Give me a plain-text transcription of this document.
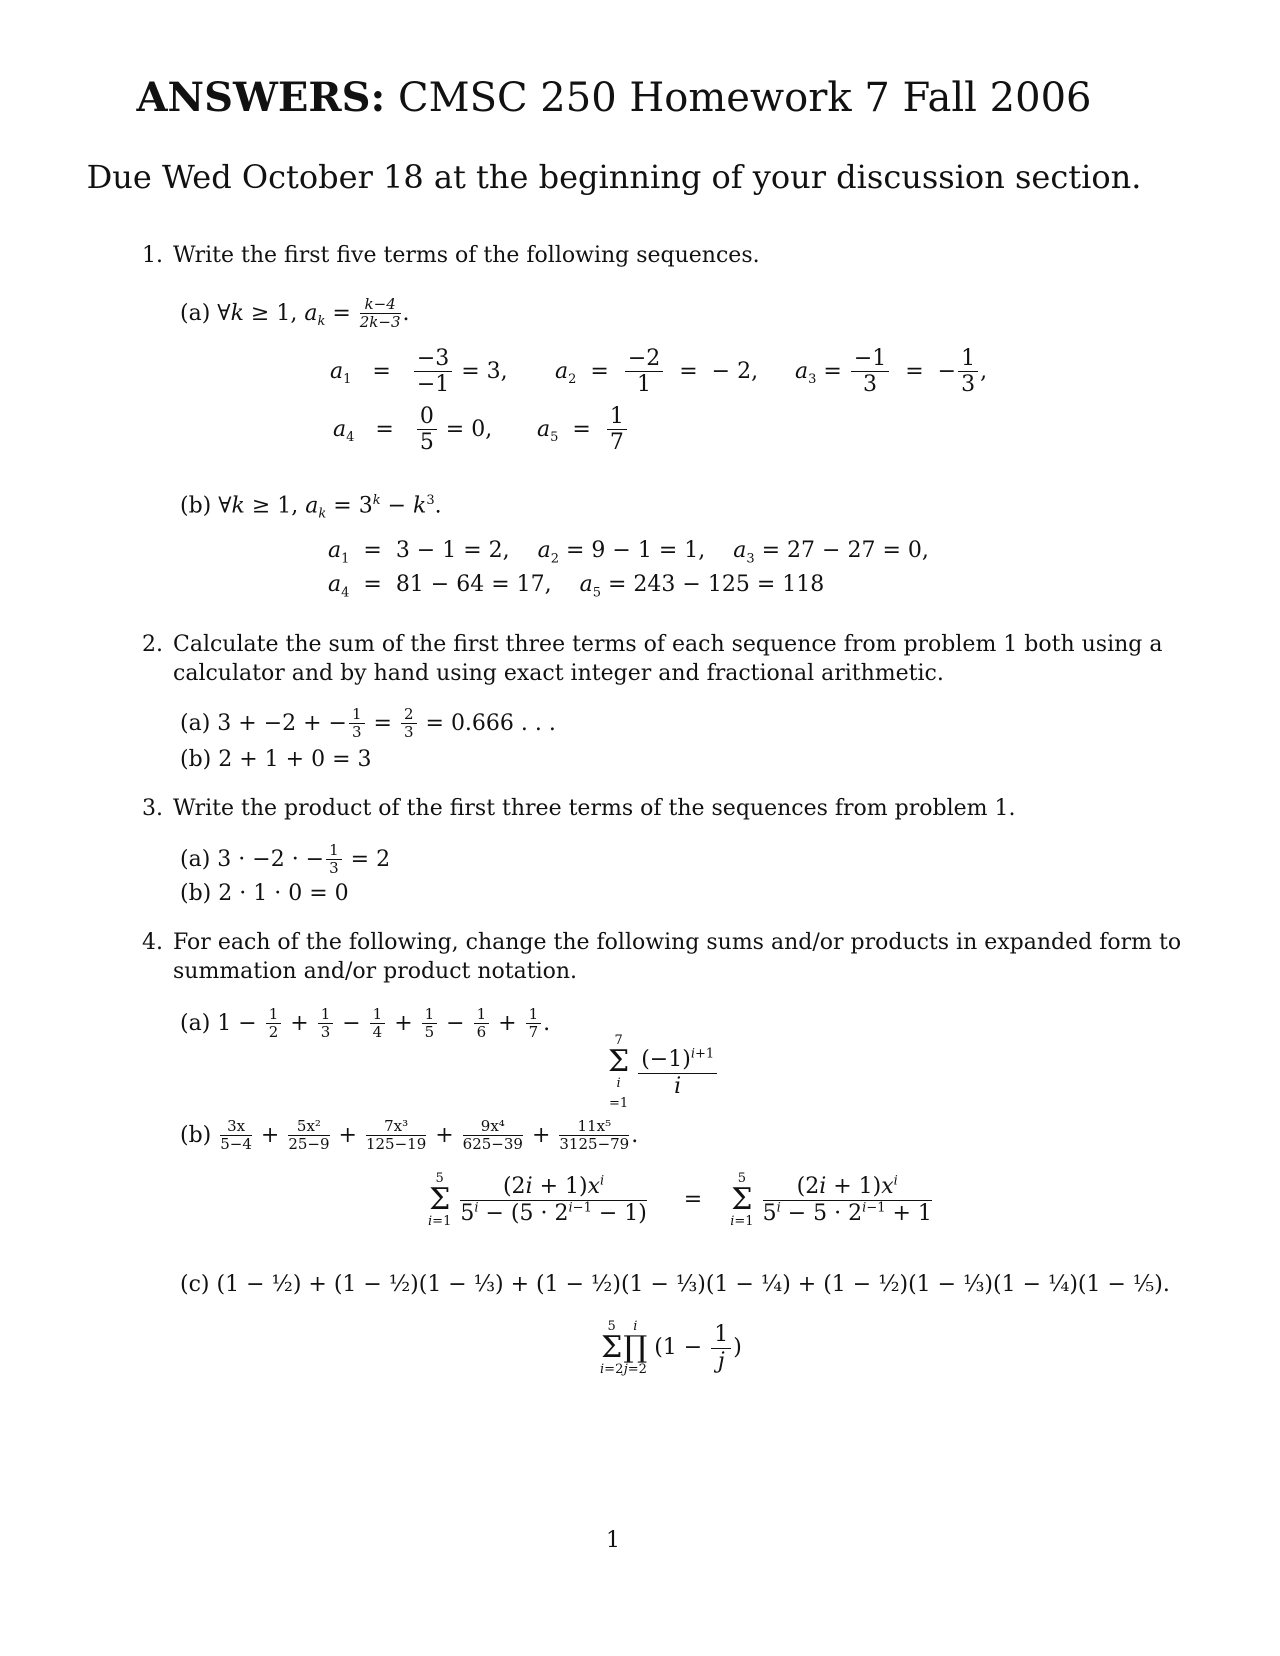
ANSWERS: CMSC 250 Homework 7 Fall 2006
Due Wed October 18 at the beginning of your discussion section.
1. Write the first five terms of the following sequences.
(a) ∀k ≥ 1, $a_k = \frac{k-4}{2k-3}$ .
$a_1 = \frac{-3}{-1} = 3$, $a_2 = \frac{-2}{1}$ =  − 2, $a_3 = \frac{-1}{3}$ =  − $\frac{1}{3}$ ,
$a_4 = \frac{0}{5} = 0$, $a_5 = \frac{1}{7}$
(b) ∀k ≥ 1, $a_k = 3^k - k^3$.
$a_1 = 3 - 1 = 2$,    $a_2 = 9 - 1 = 1$,    $a_3 = 27 - 27 = 0$,
$a_4 = 81 - 64 = 17$,    $a_5 = 243 - 125 = 118$
2. Calculate the sum of the first three terms of each sequence from problem 1 both using a
calculator and by hand using exact integer and fractional arithmetic.
(a) 3 + −2 + − $\frac{1}{3} = \frac{2}{3} = 0.666$ . . .
(b) 2 + 1 + 0 = 3
3. Write the product of the first three terms of the sequences from problem 1.
(a) 3 · −2 · − $\frac{1}{3} = 2$
(b) 2 · 1 · 0 = 0
4. For each of the following, change the following sums and/or products in expanded form to
summation and/or product notation.
(a) $1 - \frac{1}{2} + \frac{1}{3} - \frac{1}{4} + \frac{1}{5} - \frac{1}{6} + \frac{1}{7}$ .
7
Σ
i
=1
$\frac{(-1)^{i+1}}{i}$
$(b) \frac{3x}{5-4} + \frac{\text{5x²}}{25-9} + \frac{\text{7x³}}{125-19} + \frac{\text{9x⁴}}{625-39} + \frac{\text{11x⁵}}{3125-79}$ .
5
Σ
i=1
$\frac{(2i + 1)x^i}{5^i - (5 \cdot 2^{i-1} - 1)}$ =
5
Σ
i=1
$\frac{(2i + 1)x^i}{5^i - 5 \cdot 2^{i-1} + 1}$
(c) (1 − ½) + (1 − ½)(1 − ⅓) + (1 − ½)(1 − ⅓)(1 − ¼) + (1 − ½)(1 − ⅓)(1 − ¼)(1 − ⅕).
5
Σ
i=2
i
∏
j=2
($1 - \frac{1}{j}$ )
1
